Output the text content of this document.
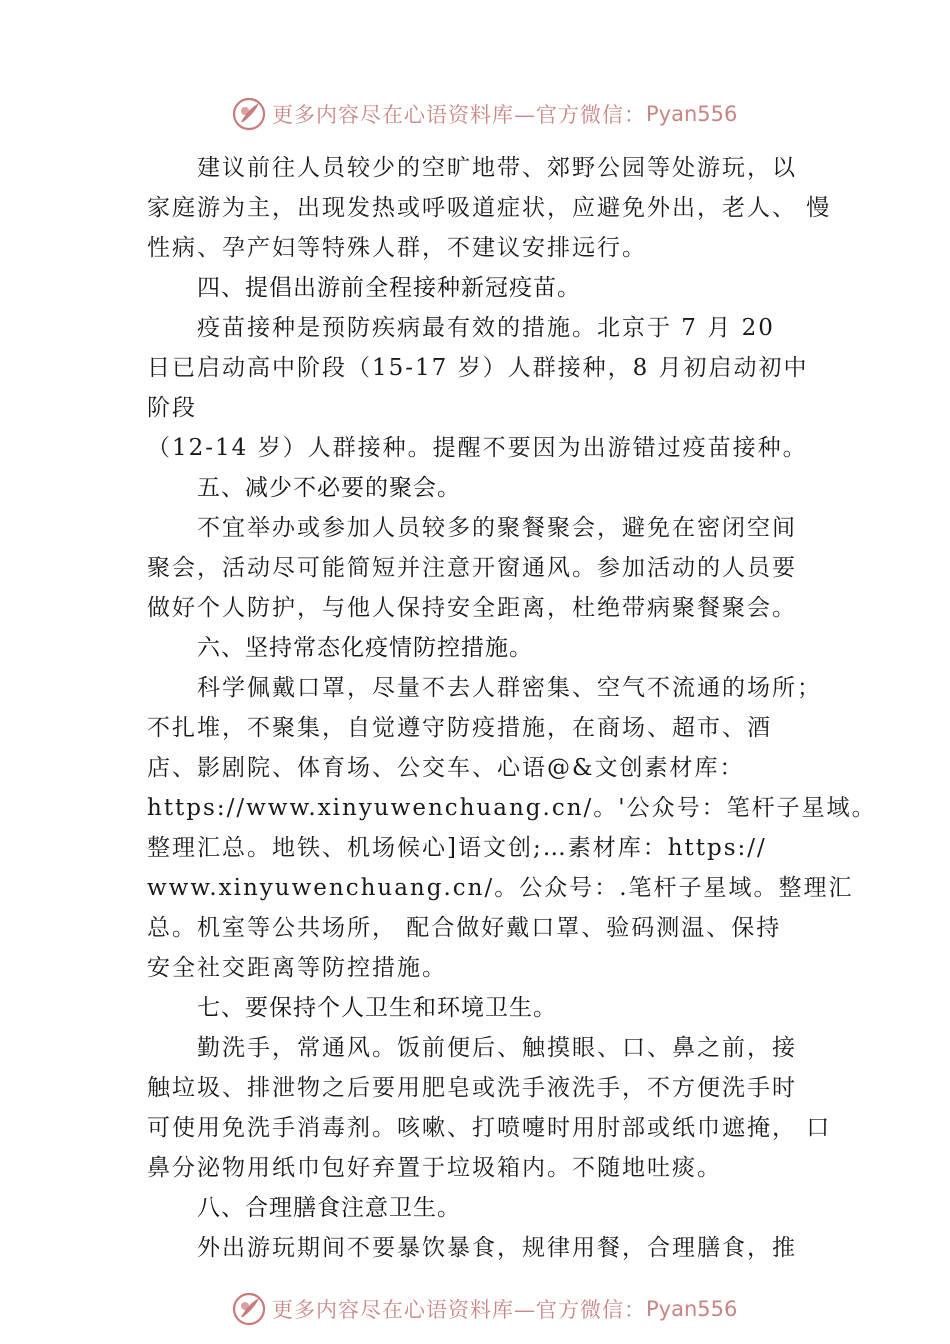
更多内容尽在心语资料库—官方微信： Pyan556
建议前往人员较少的空旷地带、郊野公园等处游玩，以
家庭游为主，出现发热或呼吸道症状，应避免外出，老人、 慢
性病、孕产妇等特殊人群，不建议安排远行。
四、提倡出游前全程接种新冠疫苗。
疫苗接种是预防疾病最有效的措施。北京于 7 月 20
日已启动高中阶段（15-17 岁）人群接种，8 月初启动初中
阶段
（12-14 岁）人群接种。提醒不要因为出游错过疫苗接种。
五、减少不必要的聚会。
不宜举办或参加人员较多的聚餐聚会，避免在密闭空间
聚会，活动尽可能简短并注意开窗通风。参加活动的人员要
做好个人防护，与他人保持安全距离，杜绝带病聚餐聚会。
六、坚持常态化疫情防控措施。
科学佩戴口罩，尽量不去人群密集、空气不流通的场所；
不扎堆，不聚集，自觉遵守防疫措施，在商场、超市、酒
店、影剧院、体育场、公交车、心语@&文创素材库：
https://www.xinyuwenchuang.cn/。'公众号：笔杆子星域。
整理汇总。地铁、机场候心]语文创;…素材库：https://
www.xinyuwenchuang.cn/。公众号：.笔杆子星域。整理汇
总。机室等公共场所， 配合做好戴口罩、验码测温、保持
安全社交距离等防控措施。
七、要保持个人卫生和环境卫生。
勤洗手，常通风。饭前便后、触摸眼、口、鼻之前，接
触垃圾、排泄物之后要用肥皂或洗手液洗手，不方便洗手时
可使用免洗手消毒剂。咳嗽、打喷嚏时用肘部或纸巾遮掩， 口
鼻分泌物用纸巾包好弃置于垃圾箱内。不随地吐痰。
八、合理膳食注意卫生。
外出游玩期间不要暴饮暴食，规律用餐，合理膳食，推
更多内容尽在心语资料库—官方微信： Pyan556
